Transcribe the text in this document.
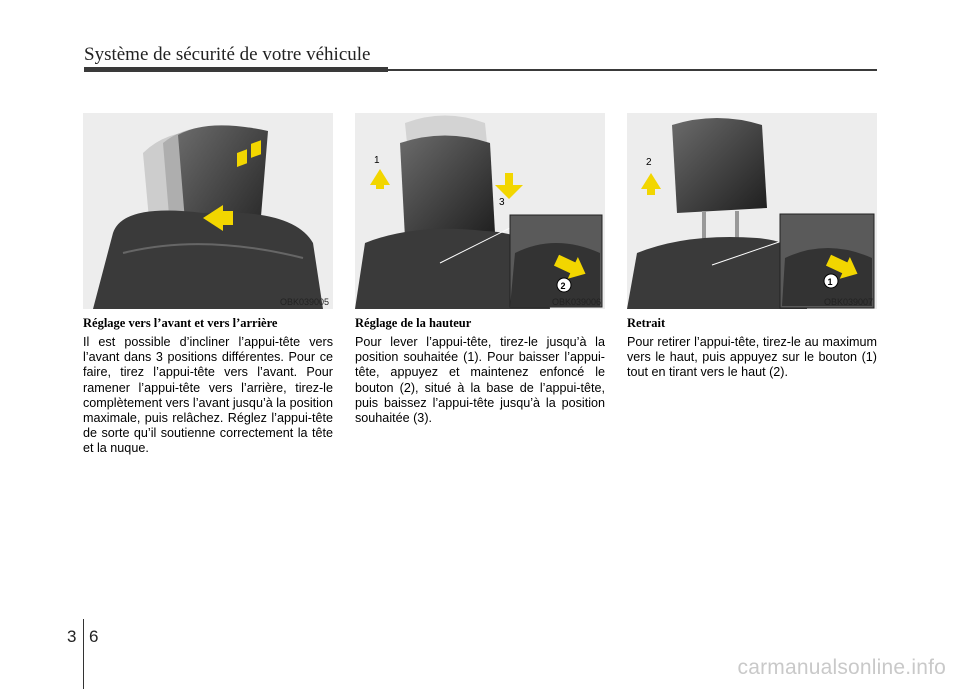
Système de sécurité de votre véhicule
OBK039005
1
3
2
OBK039006
2
1
OBK039007

Réglage vers l’avant et vers l’arrière

Il est possible d’incliner l’appui-tête vers l’avant dans 3 positions différentes. Pour ce faire, tirez l’appui-tête vers l’avant. Pour ramener l’appui-tête vers l’arrière, tirez-le complètement vers l’avant jusqu’à la position maximale, puis relâchez. Réglez l’appui-tête de sorte qu’il soutienne correctement la tête et la nuque.

Réglage de la hauteur

Pour lever l’appui-tête, tirez-le jusqu’à la position souhaitée (1). Pour baisser l’appui-tête, appuyez et maintenez enfoncé le bouton (2), situé à la base de l’appui-tête, puis baissez l’appui-tête jusqu’à la position souhaitée (3).

Retrait

Pour retirer l’appui-tête, tirez-le au maximum vers le haut, puis appuyez sur le bouton (1) tout en tirant vers le haut (2).

3 6
carmanualsonline.info
